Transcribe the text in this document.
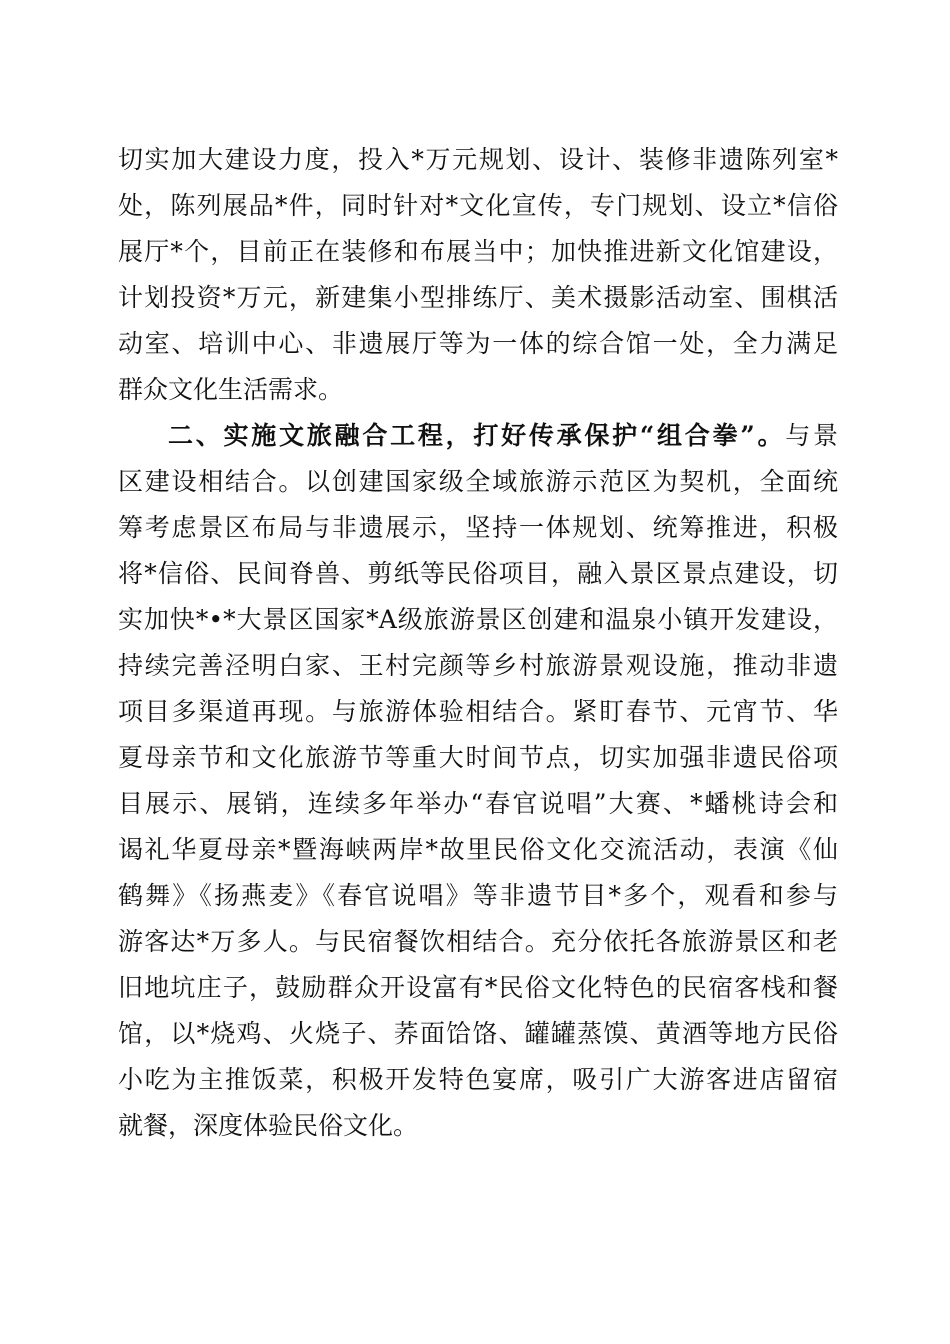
切实加大建设力度，投入*万元规划、设计、装修非遗陈列室*
处，陈列展品*件，同时针对*文化宣传，专门规划、设立*信俗
展厅*个，目前正在装修和布展当中；加快推进新文化馆建设，
计划投资*万元，新建集小型排练厅、美术摄影活动室、围棋活
动室、培训中心、非遗展厅等为一体的综合馆一处，全力满足
群众文化生活需求。
二、实施文旅融合工程，打好传承保护“组合拳”。与景
区建设相结合。以创建国家级全域旅游示范区为契机，全面统
筹考虑景区布局与非遗展示，坚持一体规划、统筹推进，积极
将*信俗、民间脊兽、剪纸等民俗项目，融入景区景点建设，切
实加快*•*大景区国家*A级旅游景区创建和温泉小镇开发建设，
持续完善泾明白家、王村完颜等乡村旅游景观设施，推动非遗
项目多渠道再现。与旅游体验相结合。紧盯春节、元宵节、华
夏母亲节和文化旅游节等重大时间节点，切实加强非遗民俗项
目展示、展销，连续多年举办“春官说唱”大赛、*蟠桃诗会和
谒礼华夏母亲*暨海峡两岸*故里民俗文化交流活动，表演《仙
鹤舞》《扬燕麦》《春官说唱》等非遗节目*多个，观看和参与
游客达*万多人。与民宿餐饮相结合。充分依托各旅游景区和老
旧地坑庄子，鼓励群众开设富有*民俗文化特色的民宿客栈和餐
馆，以*烧鸡、火烧子、荞面饸饹、罐罐蒸馍、黄酒等地方民俗
小吃为主推饭菜，积极开发特色宴席，吸引广大游客进店留宿
就餐，深度体验民俗文化。
